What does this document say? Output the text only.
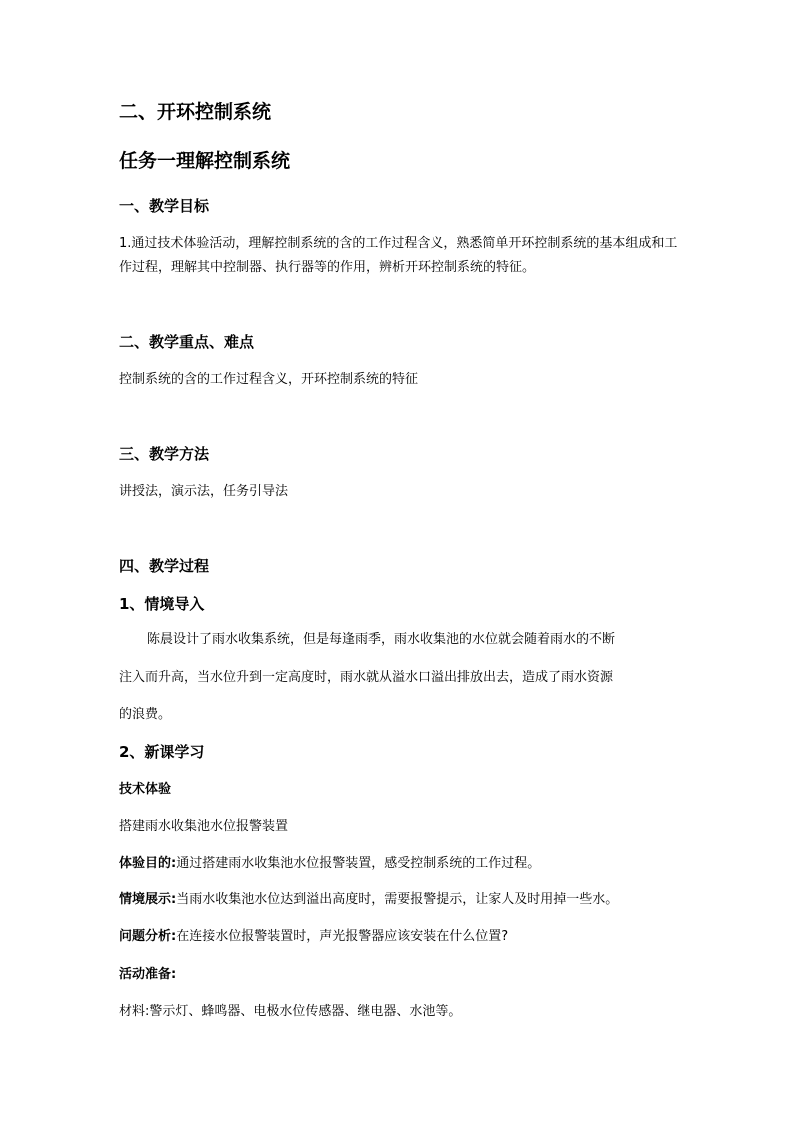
二、开环控制系统
任务一理解控制系统
一、教学目标
1.通过技术体验活动，理解控制系统的含的工作过程含义，熟悉简单开环控制系统的基本组成和工作过程，理解其中控制器、执行器等的作用，辨析开环控制系统的特征。
二、教学重点、难点
控制系统的含的工作过程含义，开环控制系统的特征
三、教学方法
讲授法，演示法，任务引导法
四、教学过程
1、情境导入
陈晨设计了雨水收集系统，但是每逢雨季，雨水收集池的水位就会随着雨水的不断
注入而升高，当水位升到一定高度时，雨水就从溢水口溢出排放出去，造成了雨水资源
的浪费。
2、新课学习
技术体验
搭建雨水收集池水位报警装置
体验目的:通过搭建雨水收集池水位报警装置，感受控制系统的工作过程。
情境展示:当雨水收集池水位达到溢出高度时，需要报警提示，让家人及时用掉一些水。
问题分析:在连接水位报警装置时，声光报警器应该安装在什么位置?
活动准备:
材料:警示灯、蜂鸣器、电极水位传感器、继电器、水池等。
